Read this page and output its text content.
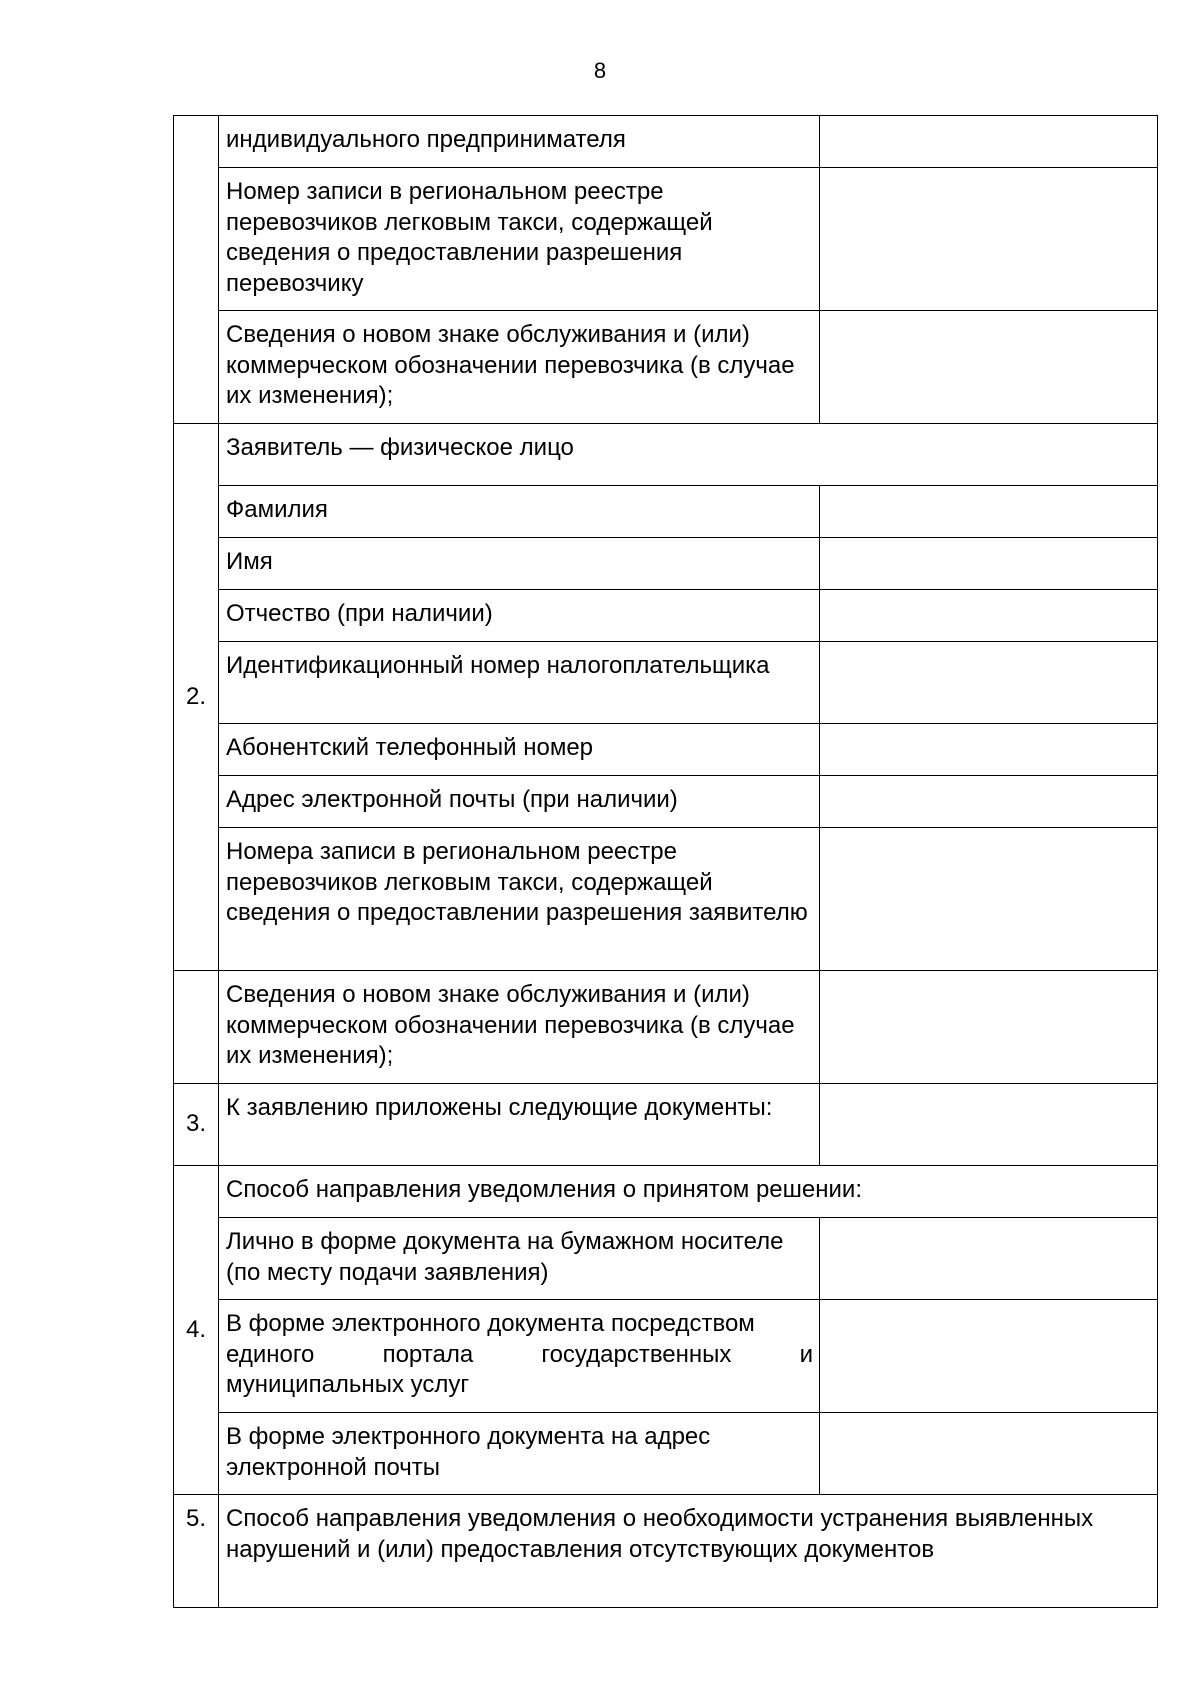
8
	индивидуального предпринимателя	
	Номер записи в региональном реестре перевозчиков легковым такси, содержащей сведения о предоставлении разрешения перевозчику	
	Сведения о новом знаке обслуживания и (или) коммерческом обозначении перевозчика (в случае их изменения);	
2.	Заявитель — физическое лицо	
	Фамилия	
	Имя	
	Отчество (при наличии)	
	Идентификационный номер налогоплательщика	
	Абонентский телефонный номер	
	Адрес электронной почты (при наличии)	
	Номера записи в региональном реестре перевозчиков легковым такси, содержащей сведения о предоставлении разрешения заявителю	
	Сведения о новом знаке обслуживания и (или) коммерческом обозначении перевозчика (в случае их изменения);	
3.	К заявлению приложены следующие документы:	
4.	Способ направления уведомления о принятом решении:	
	Лично в форме документа на бумажном носителе (по месту подачи заявления)	

	В форме электронного документа посредством
единого портала государственных и
муниципальных услуг	

	В форме электронного документа на адрес электронной почты	
5.	Способ направления уведомления о необходимости устранения выявленных нарушений и (или) предоставления отсутствующих документов	
